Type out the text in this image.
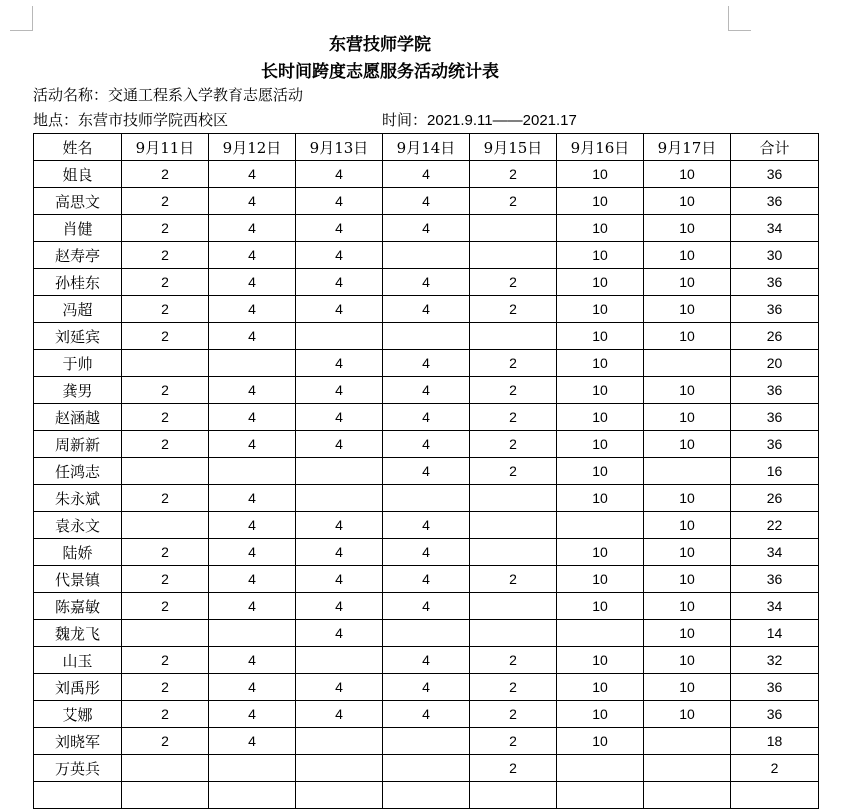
东营技师学院
长时间跨度志愿服务活动统计表
活动名称：交通工程系入学教育志愿活动
地点：东营市技师学院西校区	时间：2021.9.11——2021.17
姓名	9月11日	9月12日	9月13日	9月14日	9月15日	9月16日	9月17日	合计
姐良	2	4	4	4	2	10	10	36
高思文	2	4	4	4	2	10	10	36
肖健	2	4	4	4		10	10	34
赵寿亭	2	4	4			10	10	30
孙桂东	2	4	4	4	2	10	10	36
冯超	2	4	4	4	2	10	10	36
刘延宾	2	4				10	10	26
于帅			4	4	2	10		20
龚男	2	4	4	4	2	10	10	36
赵涵越	2	4	4	4	2	10	10	36
周新新	2	4	4	4	2	10	10	36
任鸿志				4	2	10		16
朱永斌	2	4				10	10	26
袁永文		4	4	4			10	22
陆娇	2	4	4	4		10	10	34
代景镇	2	4	4	4	2	10	10	36
陈嘉敏	2	4	4	4		10	10	34
魏龙飞			4				10	14
山玉	2	4		4	2	10	10	32
刘禹彤	2	4	4	4	2	10	10	36
艾娜	2	4	4	4	2	10	10	36
刘晓军	2	4			2	10		18
万英兵					2			2
